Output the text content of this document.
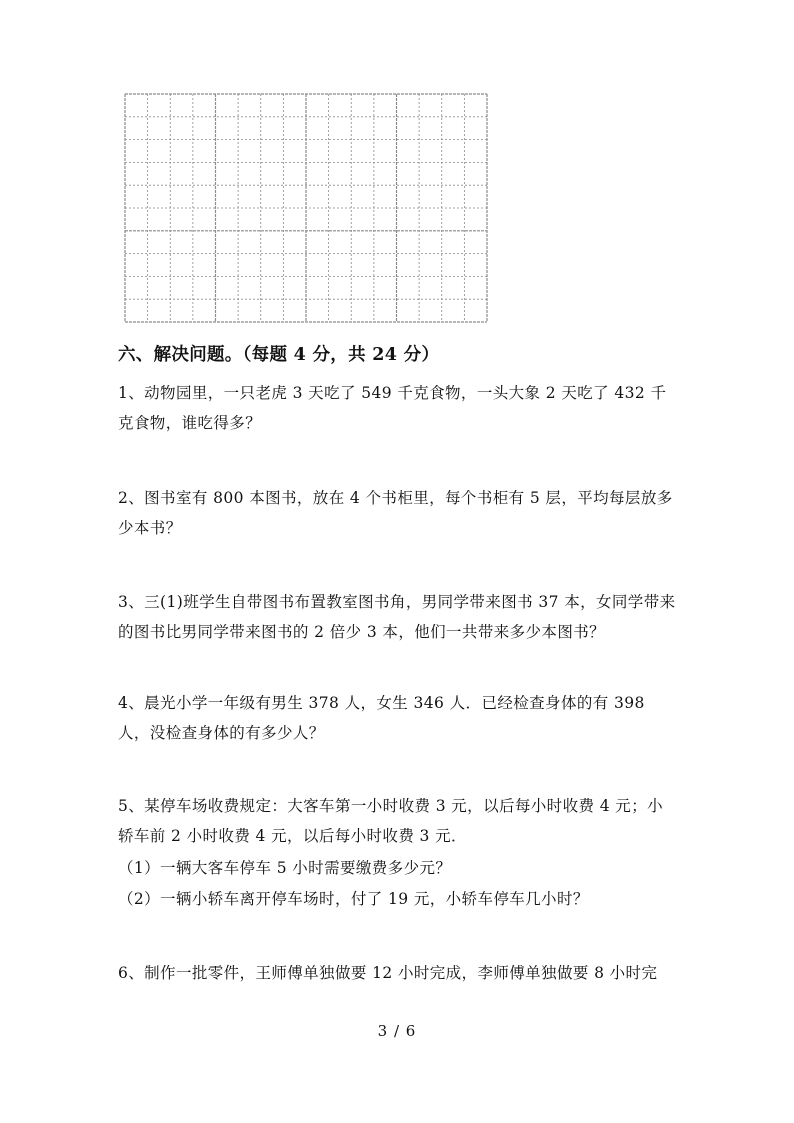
六、解决问题。（每题 4 分，共 24 分）

1、动物园里，一只老虎 3 天吃了 549 千克食物，一头大象 2 天吃了 432 千克食物，谁吃得多？

2、图书室有 800 本图书，放在 4 个书柜里，每个书柜有 5 层，平均每层放多少本书？

3、三(1)班学生自带图书布置教室图书角，男同学带来图书 37 本，女同学带来的图书比男同学带来图书的 2 倍少 3 本，他们一共带来多少本图书？

4、晨光小学一年级有男生 378 人，女生 346 人．已经检查身体的有 398 人，没检查身体的有多少人？

5、某停车场收费规定：大客车第一小时收费 3 元，以后每小时收费 4 元；小轿车前 2 小时收费 4 元，以后每小时收费 3 元．

（1）一辆大客车停车 5 小时需要缴费多少元？
（2）一辆小轿车离开停车场时，付了 19 元，小轿车停车几小时？

6、制作一批零件，王师傅单独做要 12 小时完成，李师傅单独做要 8 小时完

3 / 6
